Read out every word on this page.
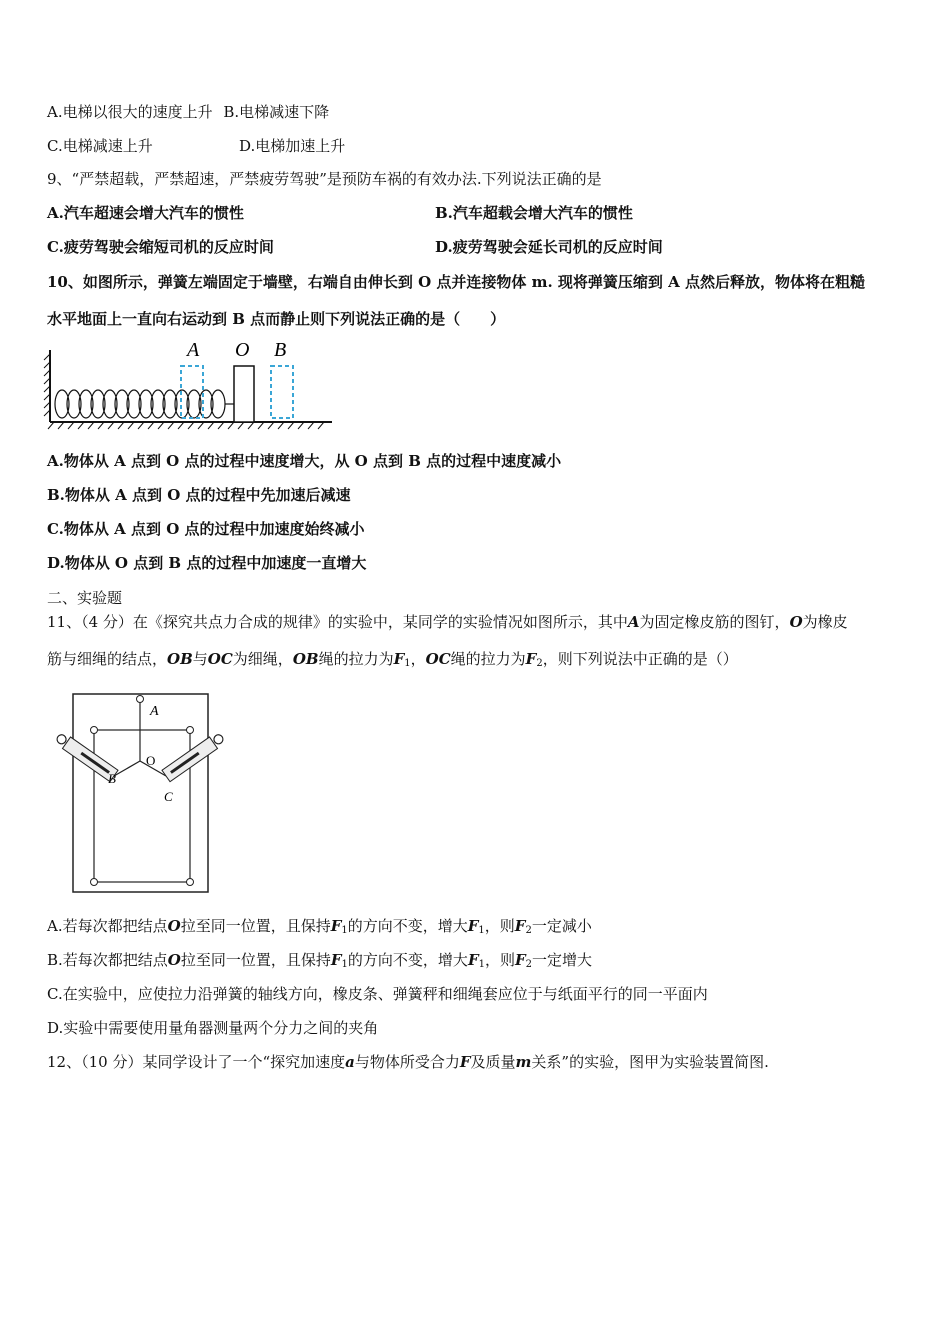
A.电梯以很大的速度上升 B.电梯减速下降
C.电梯减速上升	D.电梯加速上升
9、“严禁超载，严禁超速，严禁疲劳驾驶”是预防车祸的有效办法.下列说法正确的是
A.汽车超速会增大汽车的惯性	B.汽车超载会增大汽车的惯性
C.疲劳驾驶会缩短司机的反应时间	D.疲劳驾驶会延长司机的反应时间
10、如图所示，弹簧左端固定于墙壁，右端自由伸长到 O 点并连接物体 m. 现将弹簧压缩到 A 点然后释放，物体将在粗糙
水平地面上一直向右运动到 B 点而静止则下列说法正确的是（　　）
A O B
A.物体从 A 点到 O 点的过程中速度增大，从 O 点到 B 点的过程中速度减小
B.物体从 A 点到 O 点的过程中先加速后减速
C.物体从 A 点到 O 点的过程中加速度始终减小
D.物体从 O 点到 B 点的过程中加速度一直增大
二、实验题
11、（4 分）在《探究共点力合成的规律》的实验中，某同学的实验情况如图所示，其中A为固定橡皮筋的图钉，O为橡皮
筋与细绳的结点，OB与OC为细绳，OB绳的拉力为$F_1$，OC绳的拉力为$F_2$，则下列说法中正确的是（）
A
O
B
C
A.若每次都把结点O拉至同一位置，且保持$F_1$的方向不变，增大$F_1$，则$F_2$一定减小
B.若每次都把结点O拉至同一位置，且保持$F_1$的方向不变，增大$F_1$，则$F_2$一定增大
C.在实验中，应使拉力沿弹簧的轴线方向，橡皮条、弹簧秤和细绳套应位于与纸面平行的同一平面内
D.实验中需要使用量角器测量两个分力之间的夹角
12、（10 分）某同学设计了一个“探究加速度a与物体所受合力F及质量m关系”的实验，图甲为实验装置简图.
